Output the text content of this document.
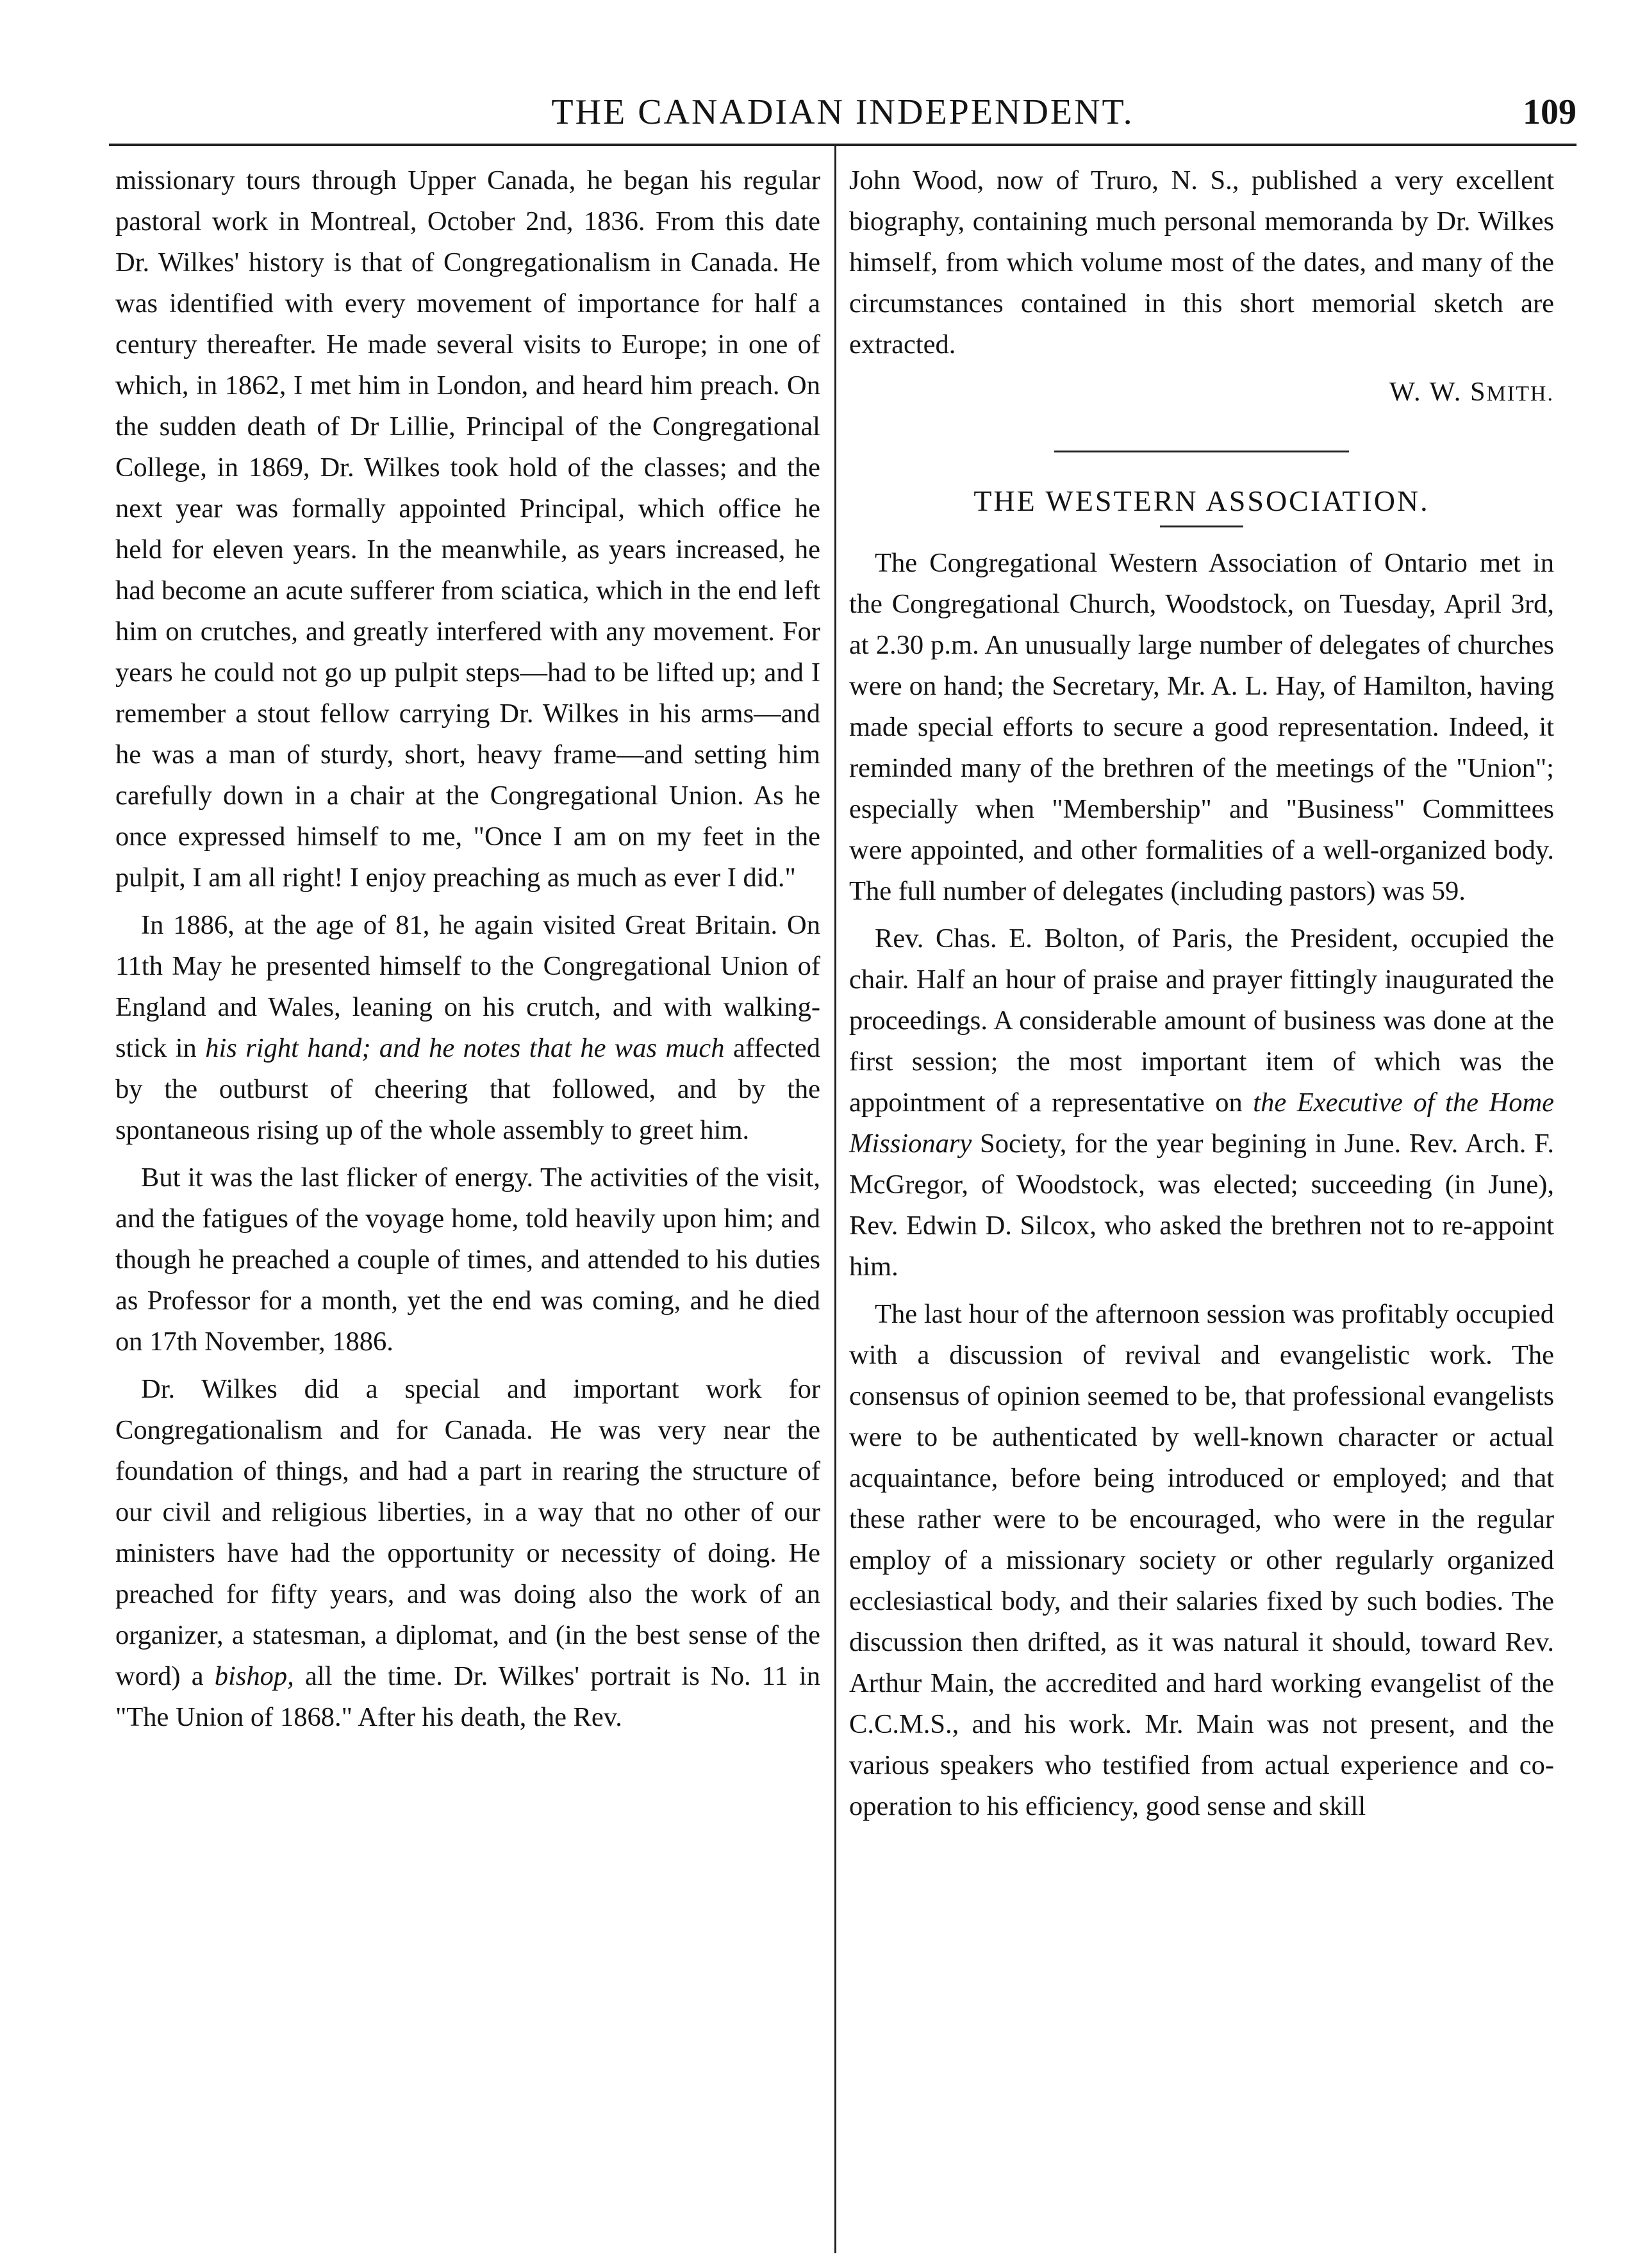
THE CANADIAN INDEPENDENT.	109

missionary tours through Upper Canada, he began his regular pastoral work in Montreal, October 2nd, 1836. From this date Dr. Wilkes' history is that of Congregationalism in Canada. He was identified with every movement of importance for half a century thereafter. He made several visits to Europe; in one of which, in 1862, I met him in London, and heard him preach. On the sudden death of Dr Lillie, Principal of the Congregational College, in 1869, Dr. Wilkes took hold of the classes; and the next year was formally appointed Principal, which office he held for eleven years. In the meanwhile, as years increased, he had become an acute sufferer from sciatica, which in the end left him on crutches, and greatly interfered with any movement. For years he could not go up pulpit steps—had to be lifted up; and I remember a stout fellow carrying Dr. Wilkes in his arms—and he was a man of sturdy, short, heavy frame—and setting him carefully down in a chair at the Congregational Union. As he once expressed himself to me, "Once I am on my feet in the pulpit, I am all right! I enjoy preaching as much as ever I did."

In 1886, at the age of 81, he again visited Great Britain. On 11th May he presented himself to the Congregational Union of England and Wales, leaning on his crutch, and with walking-stick in his right hand; and he notes that he was much affected by the outburst of cheering that followed, and by the spontaneous rising up of the whole assembly to greet him.

But it was the last flicker of energy. The activities of the visit, and the fatigues of the voyage home, told heavily upon him; and though he preached a couple of times, and attended to his duties as Professor for a month, yet the end was coming, and he died on 17th November, 1886.

Dr. Wilkes did a special and important work for Congregationalism and for Canada. He was very near the foundation of things, and had a part in rearing the structure of our civil and religious liberties, in a way that no other of our ministers have had the opportunity or necessity of doing. He preached for fifty years, and was doing also the work of an organizer, a statesman, a diplomat, and (in the best sense of the word) a bishop, all the time. Dr. Wilkes' portrait is No. 11 in "The Union of 1868." After his death, the Rev.

John Wood, now of Truro, N. S., published a very excellent biography, containing much personal memoranda by Dr. Wilkes himself, from which volume most of the dates, and many of the circumstances contained in this short memorial sketch are extracted.

W. W. SMITH.

THE WESTERN ASSOCIATION.

The Congregational Western Association of Ontario met in the Congregational Church, Woodstock, on Tuesday, April 3rd, at 2.30 p.m. An unusually large number of delegates of churches were on hand; the Secretary, Mr. A. L. Hay, of Hamilton, having made special efforts to secure a good representation. Indeed, it reminded many of the brethren of the meetings of the "Union"; especially when "Membership" and "Business" Committees were appointed, and other formalities of a well-organized body. The full number of delegates (including pastors) was 59.

Rev. Chas. E. Bolton, of Paris, the President, occupied the chair. Half an hour of praise and prayer fittingly inaugurated the proceedings. A considerable amount of business was done at the first session; the most important item of which was the appointment of a representative on the Executive of the Home Missionary Society, for the year begining in June. Rev. Arch. F. McGregor, of Woodstock, was elected; succeeding (in June), Rev. Edwin D. Silcox, who asked the brethren not to re-appoint him.

The last hour of the afternoon session was profitably occupied with a discussion of revival and evangelistic work. The consensus of opinion seemed to be, that professional evangelists were to be authenticated by well-known character or actual acquaintance, before being introduced or employed; and that these rather were to be encouraged, who were in the regular employ of a missionary society or other regularly organized ecclesiastical body, and their salaries fixed by such bodies. The discussion then drifted, as it was natural it should, toward Rev. Arthur Main, the accredited and hard working evangelist of the C.C.M.S., and his work. Mr. Main was not present, and the various speakers who testified from actual experience and co-operation to his efficiency, good sense and skill
